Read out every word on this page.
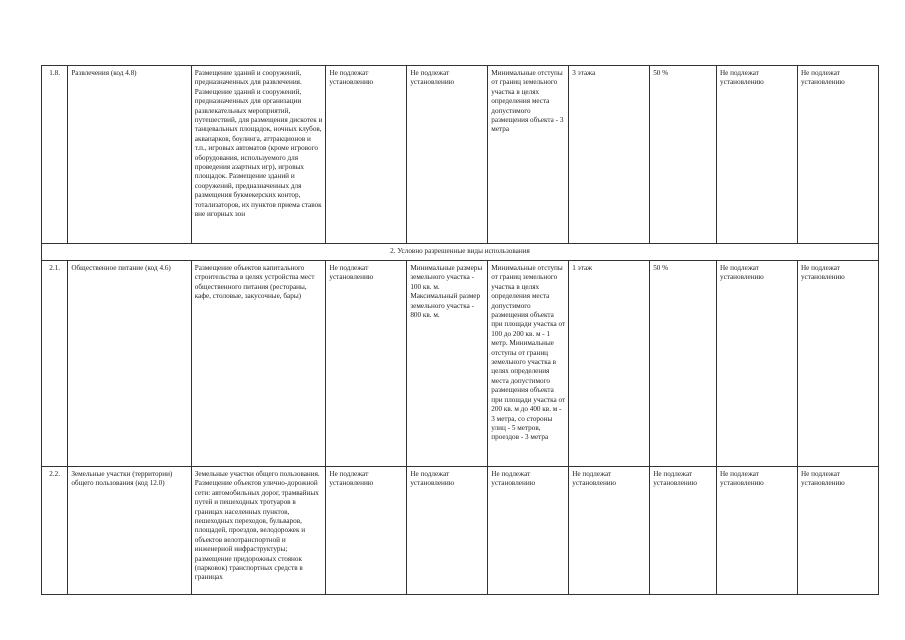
1.8.	Развлечения (код 4.8)	Размещение зданий и сооружений, предназначенных для развлечения. Размещение зданий и сооружений, предназначенных для организации развлекательных мероприятий, путешествий, для размещения дискотек и танцевальных площадок, ночных клубов, аквапарков, боулинга, аттракционов и т.п., игровых автоматов (кроме игрового оборудования, используемого для проведения азартных игр), игровых площадок. Размещение зданий и сооружений, предназначенных для размещения букмекерских контор, тотализаторов, их пунктов приема ставок вне игорных зон	Не подлежат установлению	Не подлежат установлению	Минимальные отступы от границ земельного участка в целях определения места допустимого размещения объекта - 3 метра	3 этажа	50 %	Не подлежат установлению	Не подлежат установлению
2. Условно разрешенные виды использования									
2.1.	Общественное питание (код 4.6)	Размещение объектов капитального строительства в целях устройства мест общественного питания (рестораны, кафе, столовые, закусочные, бары)	Не подлежат установлению	Минимальные размеры земельного участка - 100 кв. м. Максимальный размер земельного участка - 800 кв. м.	Минимальные отступы от границ земельного участка в целях определения места допустимого размещения объекта при площади участка от 100 до 200 кв. м - 1 метр. Минимальные отступы от границ земельного участка в целях определения места допустимого размещения объекта при площади участка от 200 кв. м до 400 кв. м - 3 метра, со стороны улиц - 5 метров, проездов - 3 метра	1 этаж	50 %	Не подлежат установлению	Не подлежат установлению
2.2.	Земельные участки (территории) общего пользования (код 12.0)	Земельные участки общего пользования. Размещение объектов улично-дорожной сети: автомобильных дорог, трамвайных путей и пешеходных тротуаров в границах населенных пунктов, пешеходных переходов, бульваров, площадей, проездов, велодорожек и объектов велотранспортной и инженерной инфраструктуры; размещение придорожных стоянок (парковок) транспортных средств в границах	Не подлежат установлению	Не подлежат установлению	Не подлежат установлению	Не подлежат установлению	Не подлежат установлению	Не подлежат установлению	Не подлежат установлению
